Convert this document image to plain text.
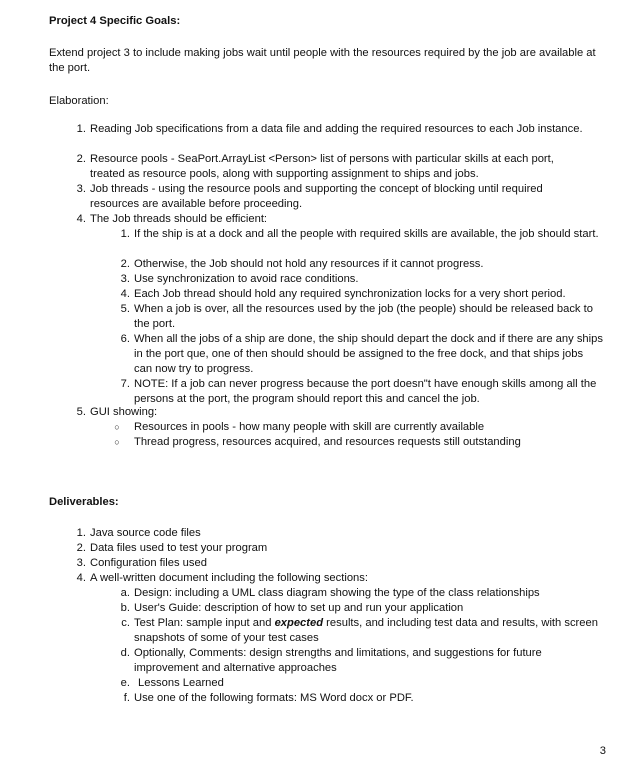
Project 4 Specific Goals:
Extend project 3 to include making jobs wait until people with the resources required by the job are available at the port.
Elaboration:
1. Reading Job specifications from a data file and adding the required resources to each Job instance.
2. Resource pools - SeaPort.ArrayList <Person> list of persons with particular skills at each port, treated as resource pools, along with supporting assignment to ships and jobs.
3. Job threads - using the resource pools and supporting the concept of blocking until required resources are available before proceeding.
4. The Job threads should be efficient:
1. If the ship is at a dock and all the people with required skills are available, the job should start.
2. Otherwise, the Job should not hold any resources if it cannot progress.
3. Use synchronization to avoid race conditions.
4. Each Job thread should hold any required synchronization locks for a very short period.
5. When a job is over, all the resources used by the job (the people) should be released back to the port.
6. When all the jobs of a ship are done, the ship should depart the dock and if there are any ships in the port que, one of then should should be assigned to the free dock, and that ships jobs can now try to progress.
7. NOTE: If a job can never progress because the port doesn"t have enough skills among all the persons at the port, the program should report this and cancel the job.
5. GUI showing:
○ Resources in pools - how many people with skill are currently available
○ Thread progress, resources acquired, and resources requests still outstanding
Deliverables:
1. Java source code files
2. Data files used to test your program
3. Configuration files used
4. A well-written document including the following sections:
a. Design: including a UML class diagram showing the type of the class relationships
b. User's Guide: description of how to set up and run your application
c. Test Plan: sample input and expected results, and including test data and results, with screen snapshots of some of your test cases
d. Optionally, Comments: design strengths and limitations, and suggestions for future improvement and alternative approaches
e. Lessons Learned
f. Use one of the following formats: MS Word docx or PDF.
3
